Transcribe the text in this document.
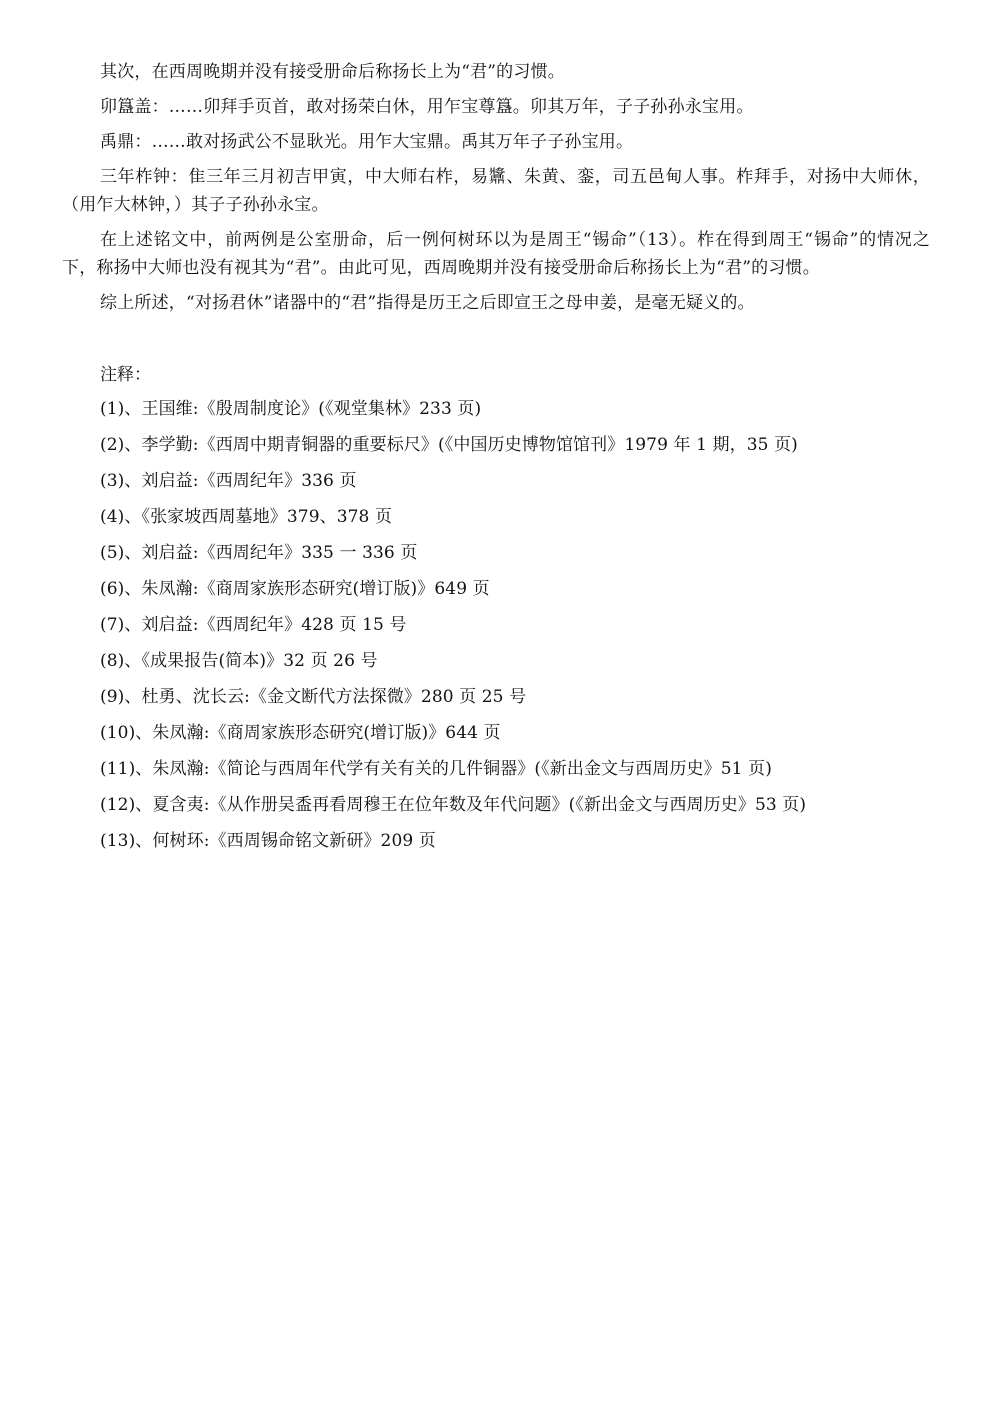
其次，在西周晚期并没有接受册命后称扬长上为“君”的习惯。

卯簋盖：……卯拜手页首，敢对扬荣白休，用乍宝尊簋。卯其万年，子子孙孙永宝用。

禹鼎：……敢对扬武公不显耿光。用乍大宝鼎。禹其万年子子孙宝用。

三年柞钟：隹三年三月初吉甲寅，中大师右柞，易䵼、朱黄、銮，司五邑甸人事。柞拜手，对扬中大师休，（用乍大林钟，）其子子孙孙永宝。

在上述铭文中，前两例是公室册命，后一例何树环以为是周王“锡命”（13）。柞在得到周王“锡命”的情况之下，称扬中大师也没有视其为“君”。由此可见，西周晚期并没有接受册命后称扬长上为“君”的习惯。

综上所述，“对扬君休”诸器中的“君”指得是历王之后即宣王之母申姜，是毫无疑义的。

注释：

(1)、王国维:《殷周制度论》(《观堂集林》233 页)

(2)、李学勤:《西周中期青铜器的重要标尺》(《中国历史博物馆馆刊》1979 年 1 期，35 页)

(3)、刘启益:《西周纪年》336 页

(4)、《张家坡西周墓地》379、378 页

(5)、刘启益:《西周纪年》335 一 336 页

(6)、朱凤瀚:《商周家族形态研究(增订版)》649 页

(7)、刘启益:《西周纪年》428 页 15 号

(8)、《成果报告(简本)》32 页 26 号

(9)、杜勇、沈长云:《金文断代方法探微》280 页 25 号

(10)、朱凤瀚:《商周家族形态研究(增订版)》644 页

(11)、朱凤瀚:《简论与西周年代学有关有关的几件铜器》(《新出金文与西周历史》51 页)

(12)、夏含夷:《从作册吴盉再看周穆王在位年数及年代问题》(《新出金文与西周历史》53 页)

(13)、何树环:《西周锡命铭文新研》209 页
